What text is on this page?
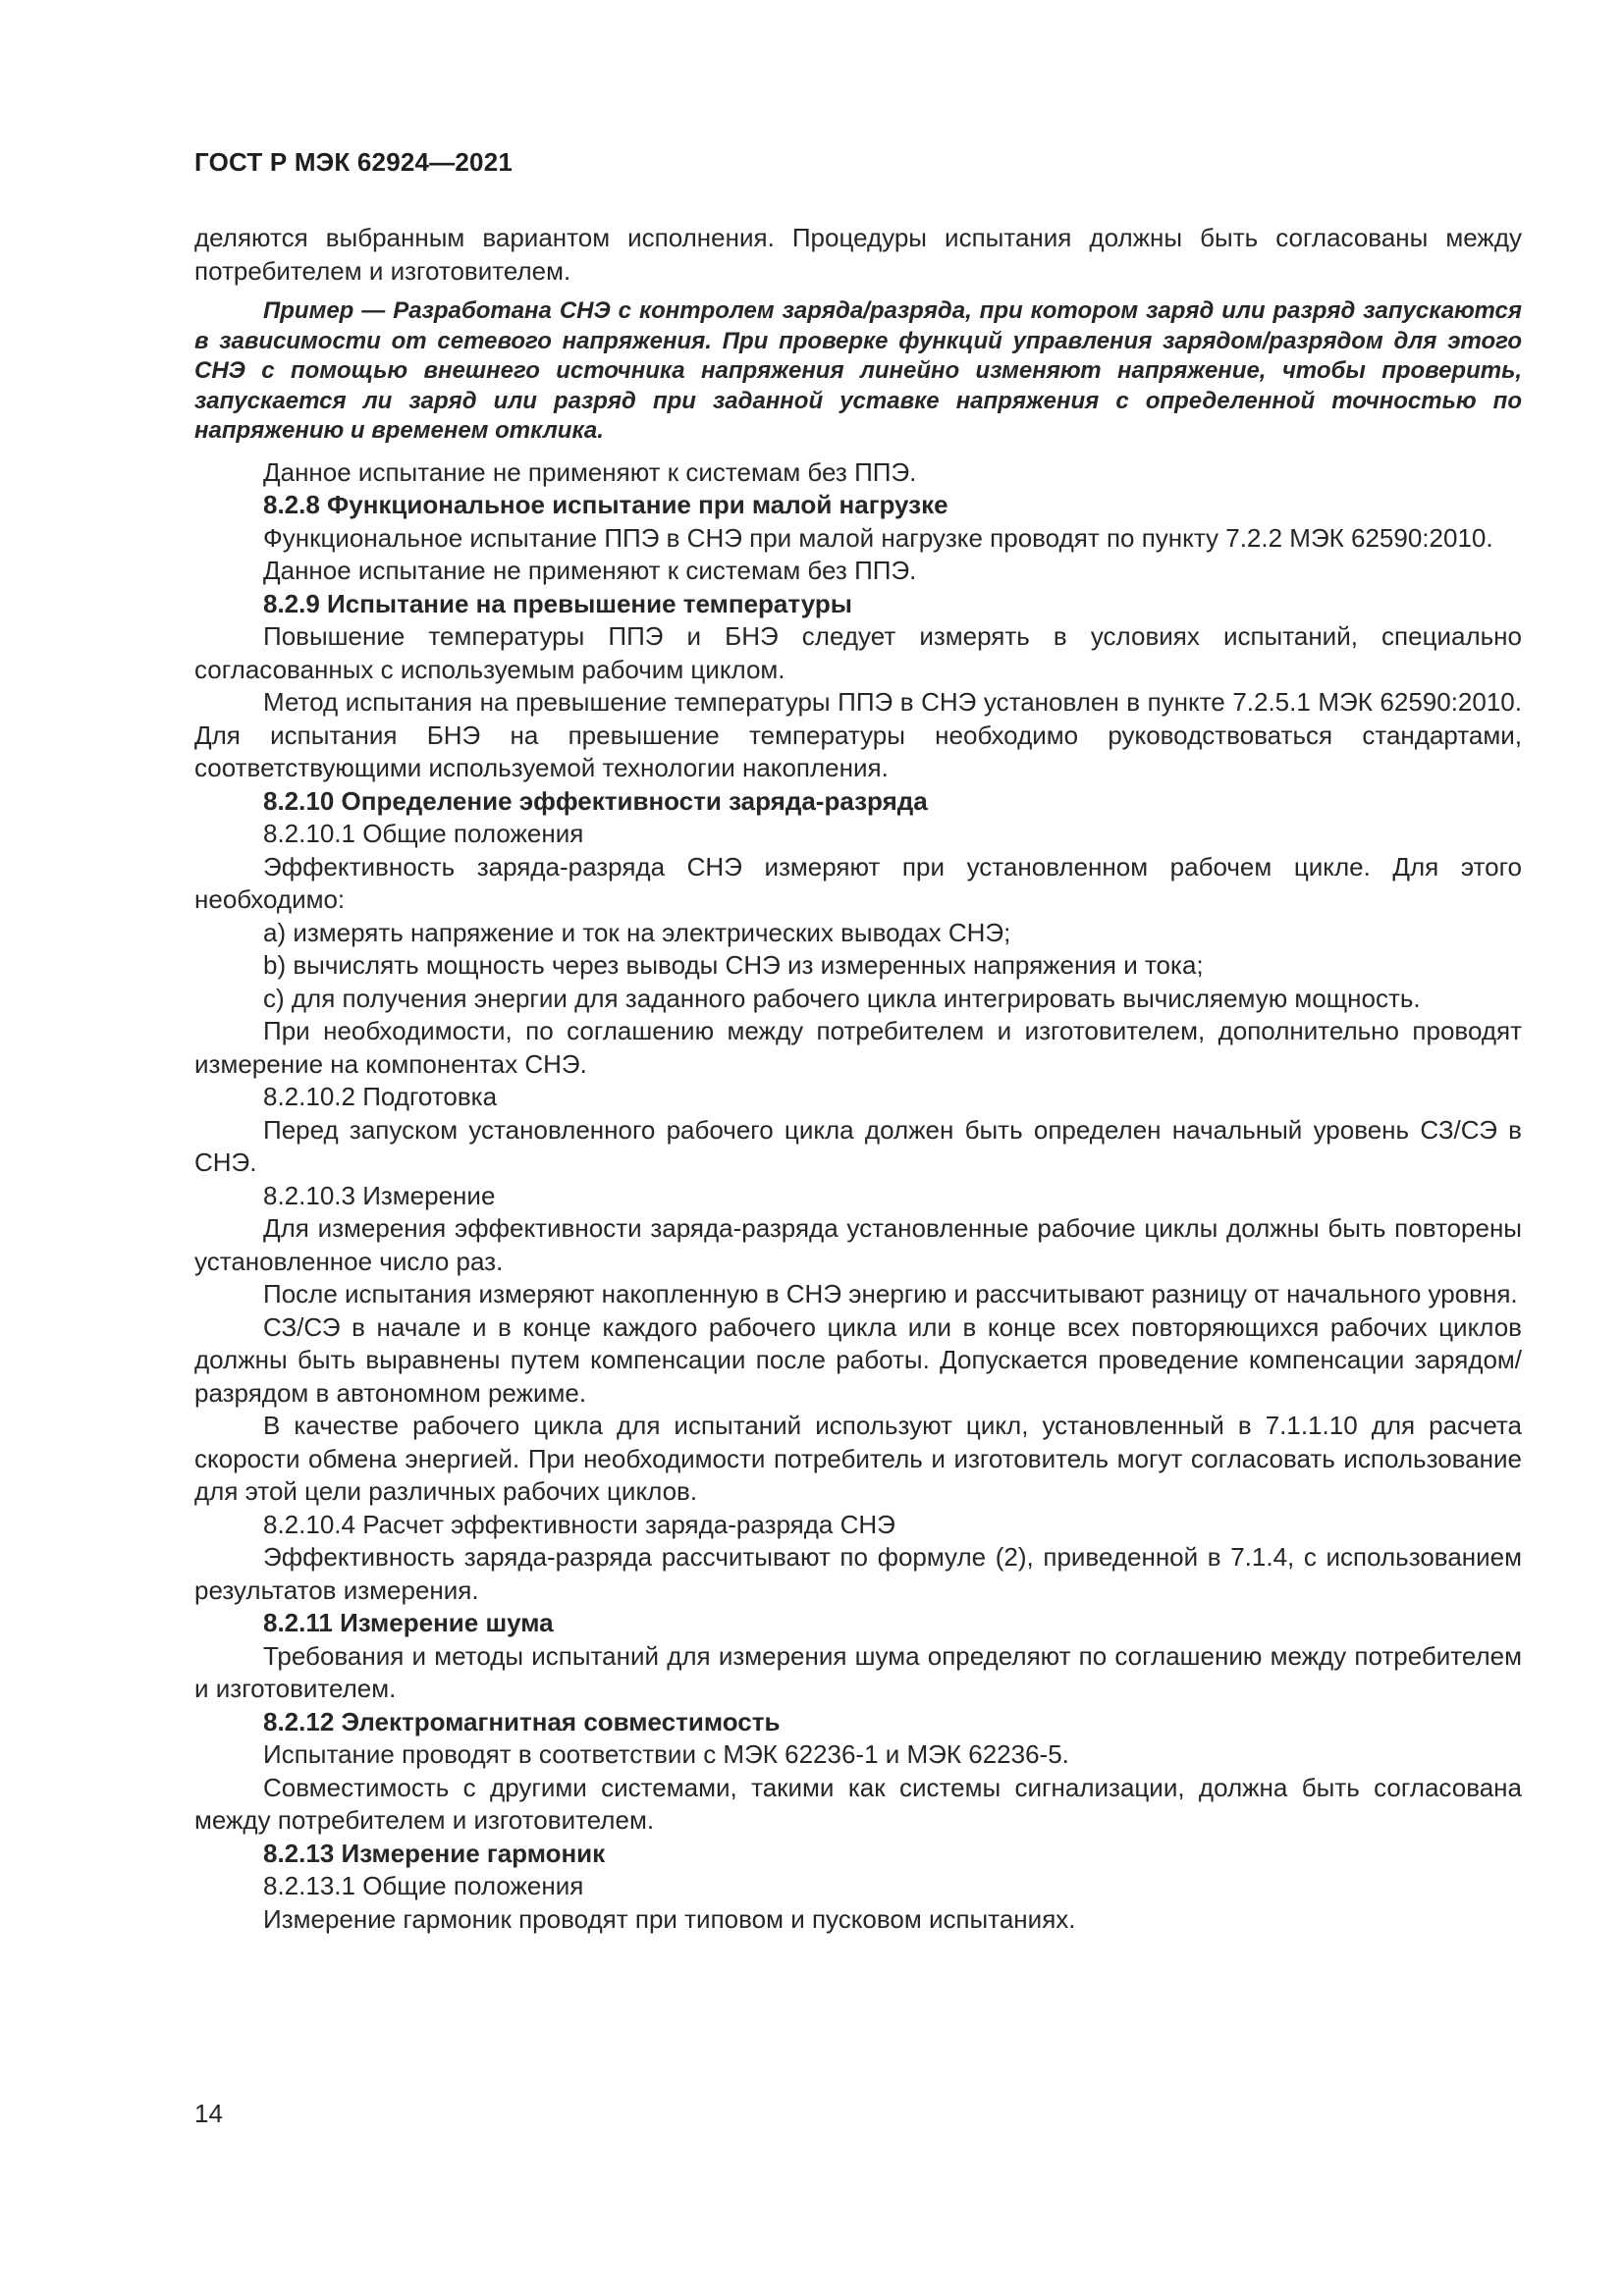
ГОСТ Р МЭК 62924—2021

деляются выбранным вариантом исполнения. Процедуры испытания должны быть согласованы между потребителем и изготовителем.

Пример — Разработана СНЭ с контролем заряда/разряда, при котором заряд или разряд запускаются в зависимости от сетевого напряжения. При проверке функций управления зарядом/разрядом для этого СНЭ с помощью внешнего источника напряжения линейно изменяют напряжение, чтобы проверить, запускается ли заряд или разряд при заданной уставке напряжения с определенной точностью по напряжению и временем отклика.

Данное испытание не применяют к системам без ППЭ.

8.2.8 Функциональное испытание при малой нагрузке

Функциональное испытание ППЭ в СНЭ при малой нагрузке проводят по пункту 7.2.2 МЭК 62590:2010.

Данное испытание не применяют к системам без ППЭ.

8.2.9 Испытание на превышение температуры

Повышение температуры ППЭ и БНЭ следует измерять в условиях испытаний, специально согласованных с используемым рабочим циклом.

Метод испытания на превышение температуры ППЭ в СНЭ установлен в пункте 7.2.5.1 МЭК 62590:2010. Для испытания БНЭ на превышение температуры необходимо руководствоваться стандартами, соответствующими используемой технологии накопления.

8.2.10 Определение эффективности заряда-разряда

8.2.10.1 Общие положения

Эффективность заряда-разряда СНЭ измеряют при установленном рабочем цикле. Для этого необходимо:

a) измерять напряжение и ток на электрических выводах СНЭ;

b) вычислять мощность через выводы СНЭ из измеренных напряжения и тока;

c) для получения энергии для заданного рабочего цикла интегрировать вычисляемую мощность.

При необходимости, по соглашению между потребителем и изготовителем, дополнительно проводят измерение на компонентах СНЭ.

8.2.10.2 Подготовка

Перед запуском установленного рабочего цикла должен быть определен начальный уровень СЗ/СЭ в СНЭ.

8.2.10.3 Измерение

Для измерения эффективности заряда-разряда установленные рабочие циклы должны быть повторены установленное число раз.

После испытания измеряют накопленную в СНЭ энергию и рассчитывают разницу от начального уровня.

СЗ/СЭ в начале и в конце каждого рабочего цикла или в конце всех повторяющихся рабочих циклов должны быть выравнены путем компенсации после работы. Допускается проведение компенсации зарядом/разрядом в автономном режиме.

В качестве рабочего цикла для испытаний используют цикл, установленный в 7.1.1.10 для расчета скорости обмена энергией. При необходимости потребитель и изготовитель могут согласовать использование для этой цели различных рабочих циклов.

8.2.10.4 Расчет эффективности заряда-разряда СНЭ

Эффективность заряда-разряда рассчитывают по формуле (2), приведенной в 7.1.4, с использованием результатов измерения.

8.2.11 Измерение шума

Требования и методы испытаний для измерения шума определяют по соглашению между потребителем и изготовителем.

8.2.12 Электромагнитная совместимость

Испытание проводят в соответствии с МЭК 62236-1 и МЭК 62236-5.

Совместимость с другими системами, такими как системы сигнализации, должна быть согласована между потребителем и изготовителем.

8.2.13 Измерение гармоник

8.2.13.1 Общие положения

Измерение гармоник проводят при типовом и пусковом испытаниях.

14
